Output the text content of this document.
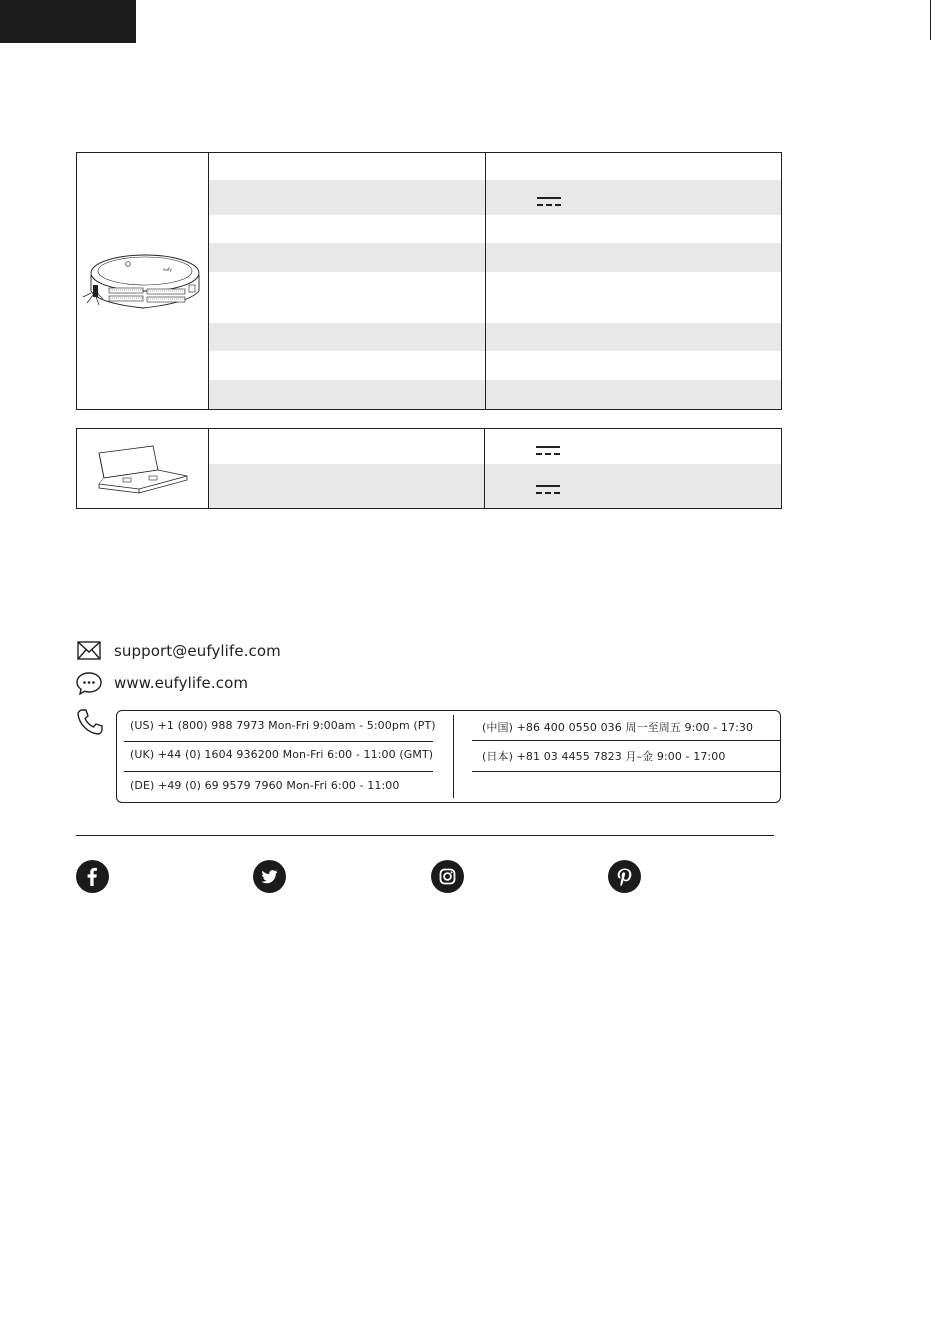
eufy
support@eufylife.com
www.eufylife.com
(US) +1 (800) 988 7973 Mon-Fri 9:00am - 5:00pm (PT)
(UK) +44 (0) 1604 936200 Mon-Fri 6:00 - 11:00 (GMT)
(DE) +49 (0) 69 9579 7960 Mon-Fri 6:00 - 11:00
(中国) +86 400 0550 036 周一至周五 9:00 - 17:30
(日本) +81 03 4455 7823 月–金 9:00 - 17:00
